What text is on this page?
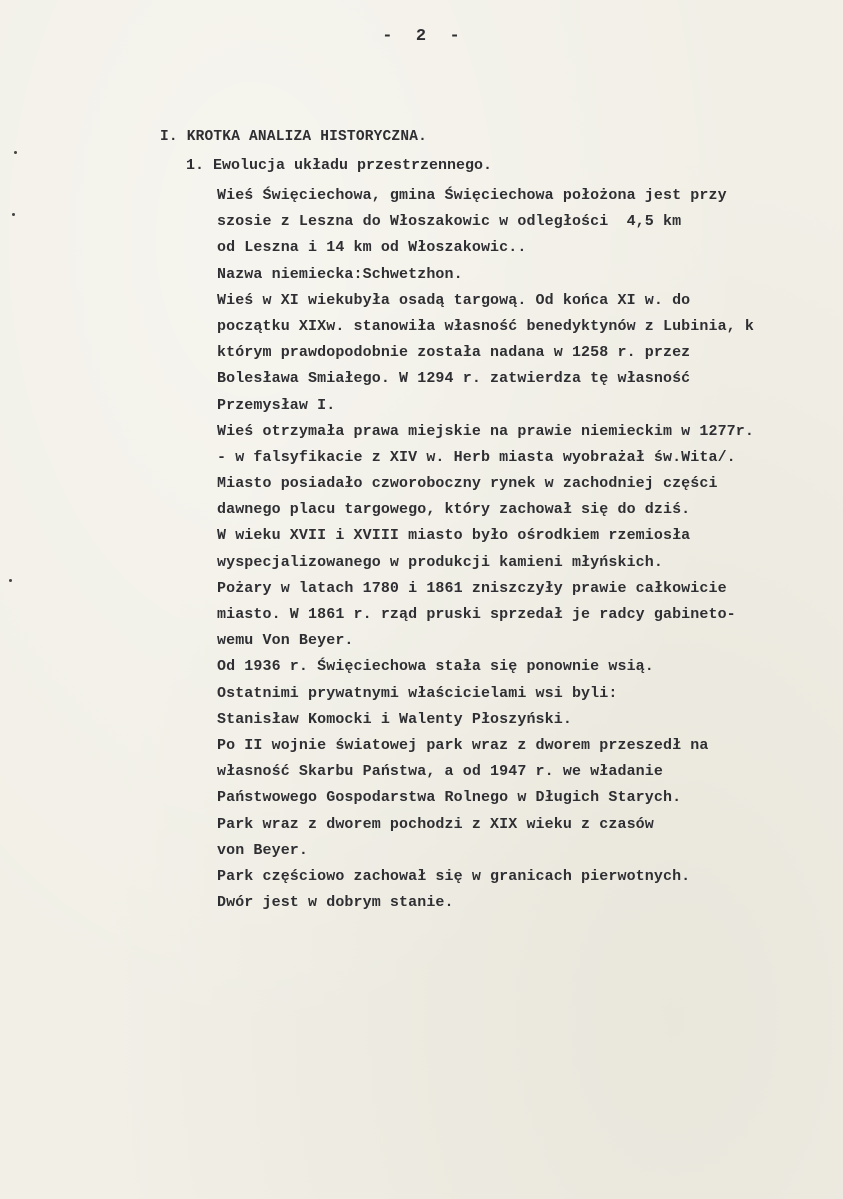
-  2  -
I. KROTKA ANALIZA HISTORYCZNA.
1. Ewolucja układu przestrzennego.
Wieś Święciechowa, gmina Święciechowa położona jest przy
szosie z Leszna do Włoszakowic w odległości  4,5 km
od Leszna i 14 km od Włoszakowic..
Nazwa niemiecka:Schwetzhon.
Wieś w XI wiekubyła osadą targową. Od końca XI w. do
początku XIXw. stanowiła własność benedyktynów z Lubinia, k
którym prawdopodobnie została nadana w 1258 r. przez
Bolesława Smiałego. W 1294 r. zatwierdza tę własność
Przemysław I.
Wieś otrzymała prawa miejskie na prawie niemieckim w 1277r.
- w falsyfikacie z XIV w. Herb miasta wyobrażał św.Wita/.
Miasto posiadało czworoboczny rynek w zachodniej części
dawnego placu targowego, który zachował się do dziś.
W wieku XVII i XVIII miasto było ośrodkiem rzemiosła
wyspecjalizowanego w produkcji kamieni młyńskich.
Pożary w latach 1780 i 1861 zniszczyły prawie całkowicie
miasto. W 1861 r. rząd pruski sprzedał je radcy gabineto-
wemu Von Beyer.
Od 1936 r. Święciechowa stała się ponownie wsią.
Ostatnimi prywatnymi właścicielami wsi byli:
Stanisław Komocki i Walenty Płoszyński.
Po II wojnie światowej park wraz z dworem przeszedł na
własność Skarbu Państwa, a od 1947 r. we władanie
Państwowego Gospodarstwa Rolnego w Długich Starych.
Park wraz z dworem pochodzi z XIX wieku z czasów
von Beyer.
Park częściowo zachował się w granicach pierwotnych.
Dwór jest w dobrym stanie.
